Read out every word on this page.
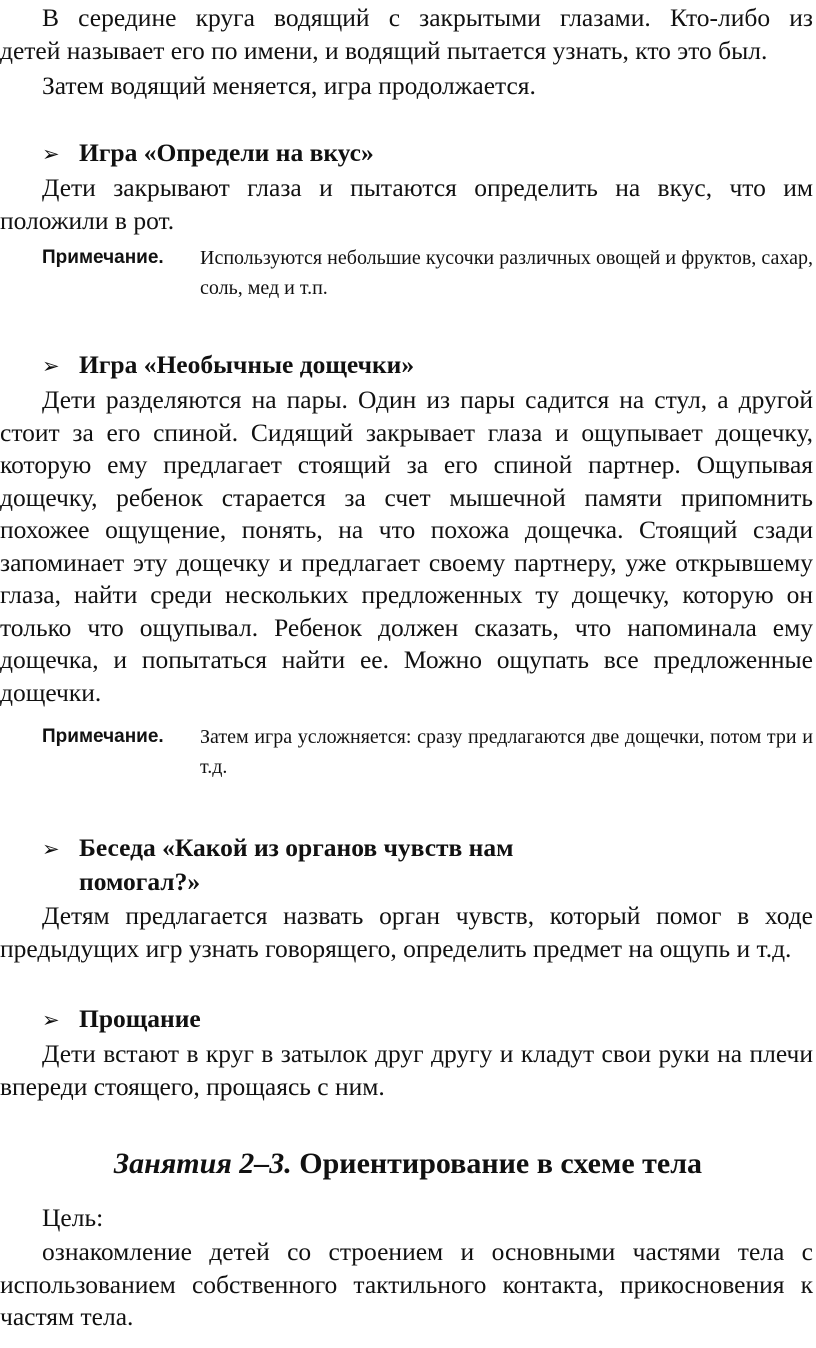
В середине круга водящий с закрытыми глазами. Кто-либо из

детей называет его по имени, и водящий пытается узнать, кто это был.

Затем водящий меняется, игра продолжается.

➢ Игра «Определи на вкус»

Дети закрывают глаза и пытаются определить на вкус, что им положили в рот.

Примечание. Используются небольшие кусочки различных овощей и фруктов, сахар, соль, мед и т.п.
➢ Игра «Необычные дощечки»

Дети разделяются на пары. Один из пары садится на стул, а другой стоит за его спиной. Сидящий закрывает глаза и ощупывает дощечку, которую ему предлагает стоящий за его спиной партнер. Ощупывая дощечку, ребенок старается за счет мышечной памяти припомнить похожее ощущение, понять, на что похожа дощечка. Стоящий сзади запоминает эту дощечку и предлагает своему партнеру, уже открывшему глаза, найти среди нескольких предложенных ту дощечку, которую он только что ощупывал. Ребенок должен сказать, что напоминала ему дощечка, и попытаться найти ее. Можно ощупать все предложенные дощечки.

Примечание. Затем игра усложняется: сразу предлагаются две дощечки, потом три и т.д.
➢ Беседа «Какой из органов чувств нам
помогал?»

Детям предлагается назвать орган чувств, который помог в ходе предыдущих игр узнать говорящего, определить предмет на ощупь и т.д.

➢ Прощание

Дети встают в круг в затылок друг другу и кладут свои руки на плечи впереди стоящего, прощаясь с ним.

Занятия 2–3. Ориентирование в схеме тела

Цель:

ознакомление детей со строением и основными частями тела с использованием собственного тактильного контакта, прикосновения к частям тела.
